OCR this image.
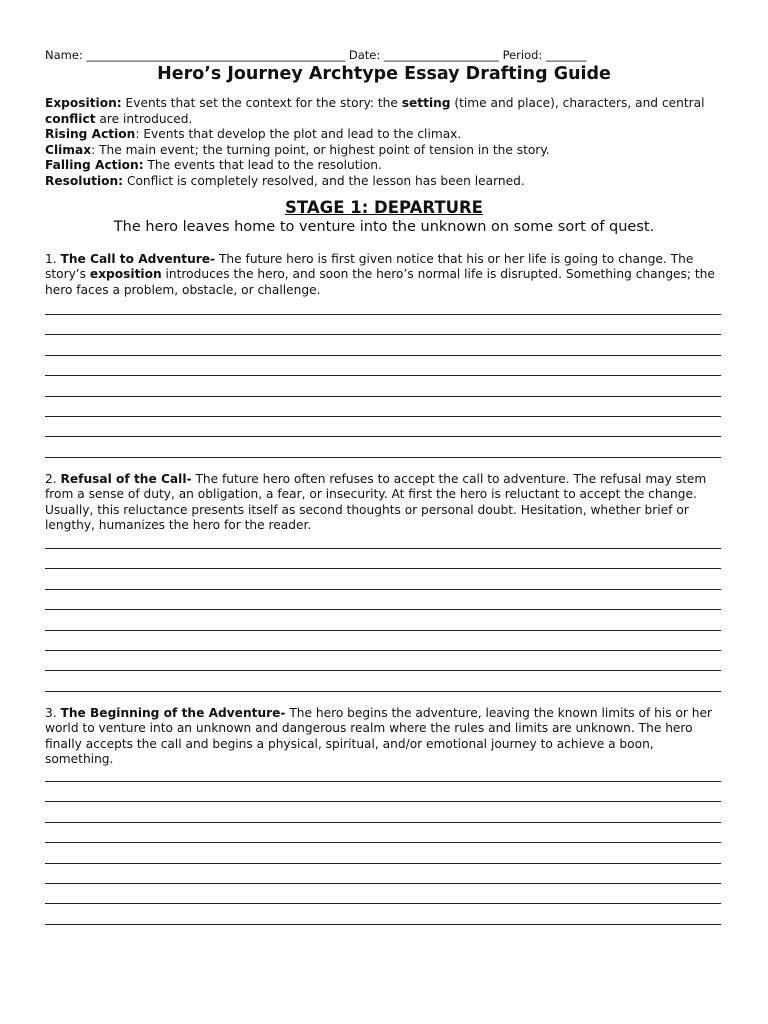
Name: _____________________________________________ Date: ____________________ Period: _______
Hero’s Journey Archtype Essay Drafting Guide

Exposition: Events that set the context for the story: the setting (time and place), characters, and central conflict are introduced.

Rising Action: Events that develop the plot and lead to the climax.

Climax: The main event; the turning point, or highest point of tension in the story.

Falling Action: The events that lead to the resolution.

Resolution: Conflict is completely resolved, and the lesson has been learned.

STAGE 1: DEPARTURE
The hero leaves home to venture into the unknown on some sort of quest.

1. The Call to Adventure- The future hero is first given notice that his or her life is going to change. The story’s exposition introduces the hero, and soon the hero’s normal life is disrupted. Something changes; the hero faces a problem, obstacle, or challenge.

2. Refusal of the Call- The future hero often refuses to accept the call to adventure. The refusal may stem from a sense of duty, an obligation, a fear, or insecurity. At first the hero is reluctant to accept the change. Usually, this reluctance presents itself as second thoughts or personal doubt. Hesitation, whether brief or lengthy, humanizes the hero for the reader.

3. The Beginning of the Adventure- The hero begins the adventure, leaving the known limits of his or her world to venture into an unknown and dangerous realm where the rules and limits are unknown. The hero finally accepts the call and begins a physical, spiritual, and/or emotional journey to achieve a boon, something.
